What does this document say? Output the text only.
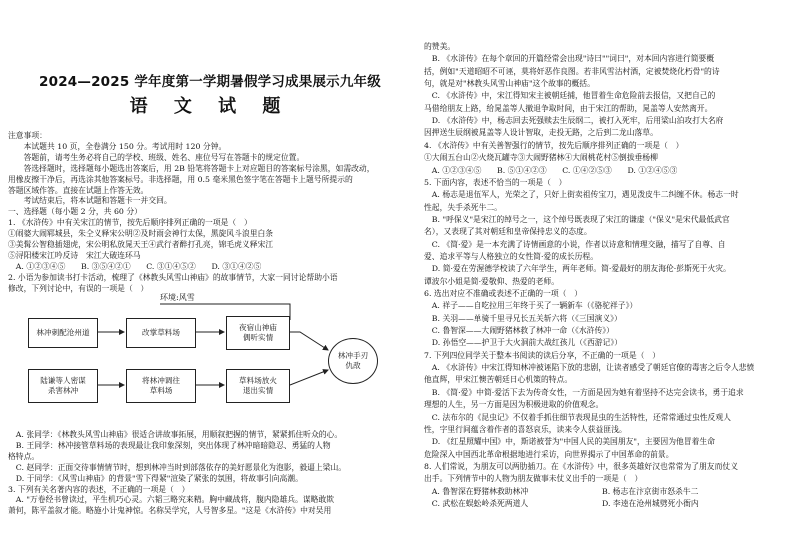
注意事项：
　　本试题共 10 页，全卷满分 150 分。考试用时 120 分钟。
　　答题前，请考生务必将自己的学校、班级、姓名、座位号写在答题卡的规定位置。
　　答选择题时，选择题每小题选出答案后，用 2B 铅笔将答题卡上对应题目的答案标号涂黑，如需改动，
用橡皮擦干净后，再选涂其他答案标号。非选择题，用 0.5 毫米黑色签字笔在答题卡上题号所提示的
答题区域作答。直接在试题上作答无效。
　　考试结束后，将本试题和答题卡一并交回。
一、选择题（每小题 2 分，共 60 分）
1. 《水浒传》中有关宋江的情节，按先后顺序排列正确的一项是（　）
①闹婆大闹郓城县，朱仝义释宋公明②及时雨会神行太保，黑旋风斗浪里白条
③美髯公智稳插翅虎，宋公明私放晁天王④武行者醉打孔亮，锦毛虎义释宋江
⑤浔阳楼宋江吟反诗　宋江大破连环马
　A. ①②③④⑤　　B. ③⑤④②①　　C. ③①④⑤②　　D. ③①④②⑤
2. 小语为参加读书打卡活动，梳理了《林教头风雪山神庙》的故事情节，大家一同讨论帮助小语
修改，下列讨论中，有误的一项是（　）
　A. 张同学：《林教头风雪山神庙》很适合讲故事拓展，用顺叙把握的情节，紧紧抓住听众的心。
　B. 王同学：林冲接管草料场的表现最让我印象深刻，突出体现了林冲暗暗隐忍、勇猛的人物
格特点。
　C. 赵同学：正面交待事情情节时，想到林冲当时到部落依存的美好愿景化为泡影，毅逼上梁山。
　D. 于同学：《风雪山神庙》的背景"雪下得紧"渲染了紧张的氛围，将故事引向高潮。
3. 下列有关名著内容的表述，不正确的一项是（　）
　A. "万卷经书曾读过，平生机巧心灵。六韬三略究来精。胸中藏战将，腹内隐雄兵。谋略敢欺
萧何，陈平盖叙才能。略施小计鬼神惊。名称吴学究，人号智多星。"这是《水浒传》中对吴用
2024—2025 学年度第一学期暑假学习成果展示九年级
语 文 试 题
环境:风雪
林冲刺配沧州道	改掌草料场
夜宿山神庙
偶听实情
陆谦等人密谋
杀害林冲
将林冲调往
草料场
草料场放火
退出实情
林冲手刃
仇敌
的赞美。
　B. 《水浒传》在每个章回的开篇经常会出现"诗曰""词曰"，对本回内容进行简要概
括，例如"天道昭昭不可诬，莫将奸恶作良图。若非风雪沽村酒，定被焚烧化朽骨"的诗
句，就是对"林教头风雪山神庙"这个故事的概括。
　C. 《水浒传》中，宋江得知宋主被朝廷捕，他冒着生命危险前去报信，又把自己的
马借给朋友上路，给晁盖等人撤退争取时间，由于宋江的帮助，晁盖等人安然离开。
　D. 《水浒传》中，杨志回去死强赎去生辰纲二，被打入死牢，后用梁山泊攻打大名府
因押送生辰纲被晁盖等人设计智取，走投无路，之后到二龙山落草。
4. 《水浒传》中有关善智强行的情节，按先后顺序排列正确的一项是（　）
①大闹五台山②火烧瓦罐寺③大闹野猪林④大闹桃花村⑤倒拔垂杨柳
　A. ①②③④⑤　　B. ⑤①④②③　　C. ①④②⑤③　　D. ①②④⑤③
5. 下面内容，表述不恰当的一项是（　）
　A. 杨志是退伍军人，光荣之了，只好上街卖祖传宝刀，遇见泼皮牛二纠缠不休。杨志一时
性起，失手杀死牛二。
　B. "呼保义"是宋江的绰号之一，这个绰号既表现了宋江的谦虚（"保义"是宋代最低武官
名），又表现了其对朝廷和皇帝保持忠义的态度。
　C. 《简·爱》是一本充满了诗情画意的小说，作者以诗意和情理交融，描写了自尊、自
爱、追求平等与人格独立的女性简·爱的成长历程。
　D. 简·爱在劳渥德学校读了六年学生，两年老师。简·爱最好的朋友海伦·彭斯死于火灾。
谭波尔小姐是简·爱敬仰、热爱的老师。
6. 选出对应不准确或表述不正确的一项（　）
　A. 祥子——自吃拉用三年终于买了一辆新车（《骆驼祥子》）
　B. 关羽——单骑千里寻兄长五关斩六将（《三国演义》）
　C. 鲁智深——大闹野猪林救了林冲一命（《水浒传》）
　D. 孙悟空——护卫于大火洞前大战红孩儿（《西游记》）
7. 下列四位同学关于整本书阅读的读后分享，不正确的一项是（　）
　A. 《水浒传》中宋江得知林冲被诬陷下放的悲剧，让读者感受了朝廷官僚的毒害之后令人悲愤
他直辉，甲宋江懊苦朝廷日心机策的特点。
　B. 《简·爱》中简·爱活下去为传奇女性，一方面是因为她有着坚持不达完会读书，勇于追求
理想的人生，另一方面是因为积极进取的价值观念。
　C. 法布尔的《昆虫记》不仅着手抓住细节表现昆虫的生活特性，还常常通过虫性反观人
性，字里行间蕴含着作者的喜怒哀乐，读来令人获益匪浅。
　D. 《红星照耀中国》中，斯诺被誉为"中国人民的美国朋友"，主要因为他冒着生命
危险深入中国西北革命根据地进行采访，向世界揭示了中国革命的前景。
8. 人们常说，为朋友可以两肋插刀。在《水浒传》中，很多英雄好汉也常常为了朋友而仗义
出手。下列情节中的人物为朋友做事未仗义出手的一项是（　）
　A. 鲁智深在野猪林救助林冲	B. 杨志在汴京街市怒杀牛二
　C. 武松在蜈蚣岭杀死两道人	D. 李逵在沧州城劈死小衙内
